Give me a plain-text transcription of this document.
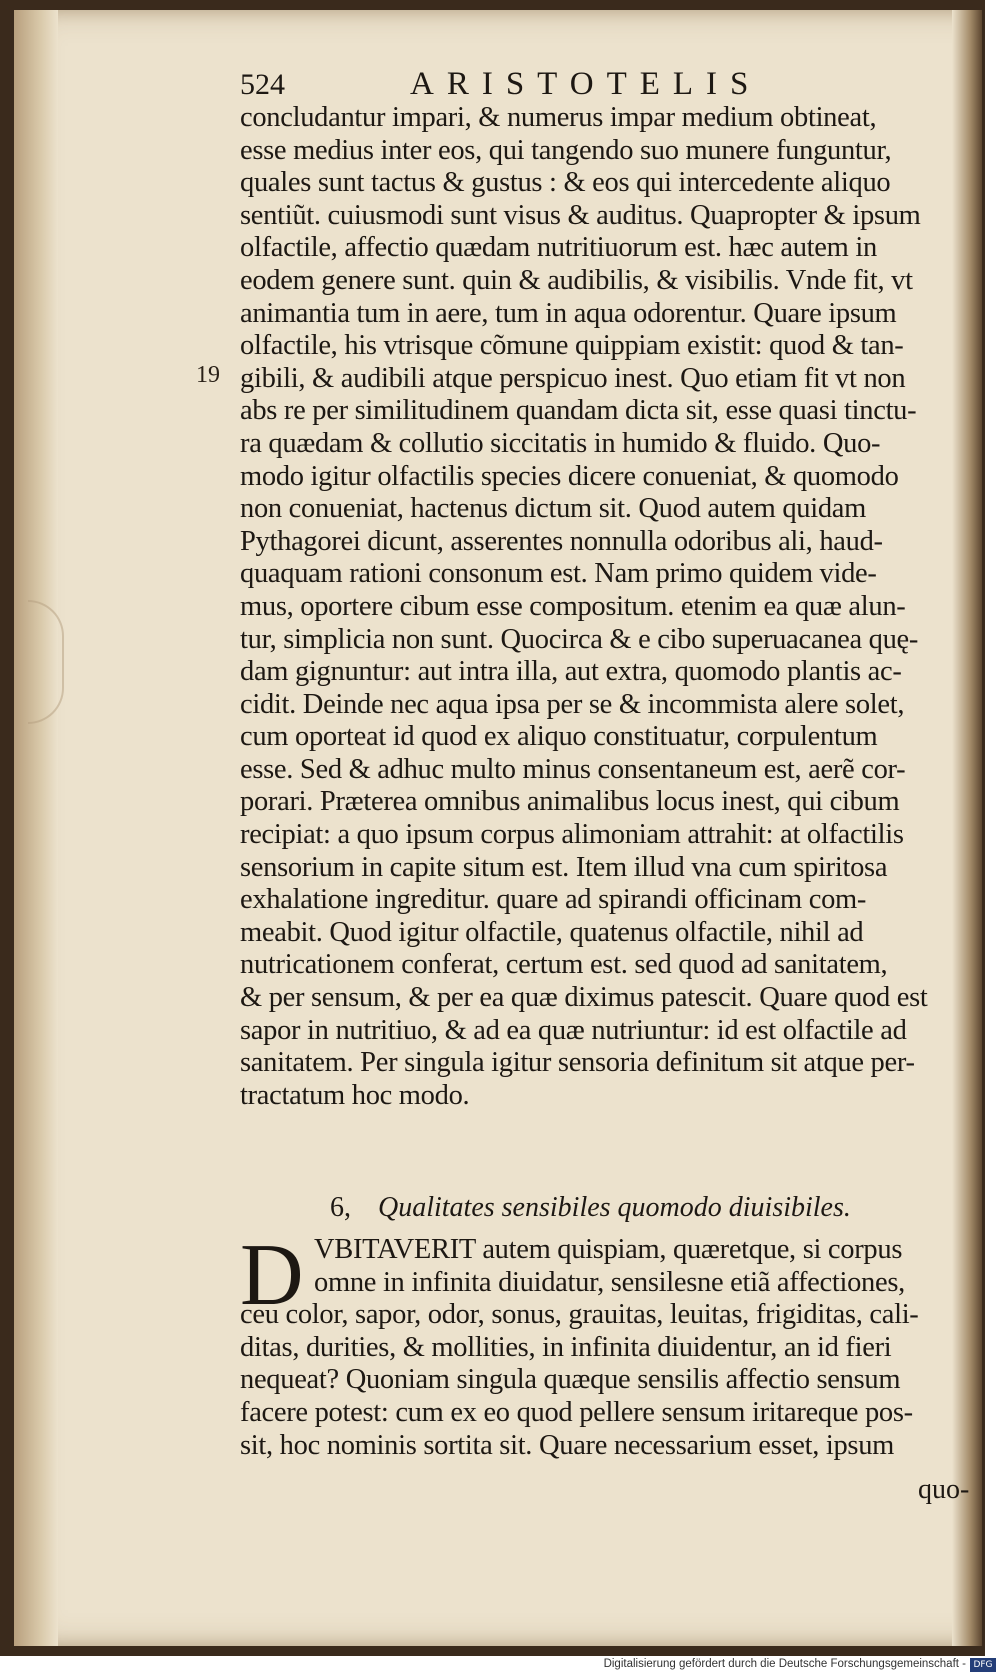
524	ARISTOTELIS
concludantur impari, & numerus impar medium obtineat,
esse medius inter eos, qui tangendo suo munere funguntur,
quales sunt tactus & gustus : & eos qui intercedente aliquo
sentiũt. cuiusmodi sunt visus & auditus. Quapropter & ipsum
olfactile, affectio quædam nutritiuorum est. hæc autem in
eodem genere sunt. quin & audibilis, & visibilis. Vnde fit, vt
animantia tum in aere, tum in aqua odorentur. Quare ipsum
olfactile, his vtrisque cõmune quippiam existit: quod & tan-
gibili, & audibili atque perspicuo inest. Quo etiam fit vt non
abs re per similitudinem quandam dicta sit, esse quasi tinctu-
ra quædam & collutio siccitatis in humido & fluido. Quo-
modo igitur olfactilis species dicere conueniat, & quomodo
non conueniat, hactenus dictum sit. Quod autem quidam
Pythagorei dicunt, asserentes nonnulla odoribus ali, haud-
quaquam rationi consonum est. Nam primo quidem vide-
mus, oportere cibum esse compositum. etenim ea quæ alun-
tur, simplicia non sunt. Quocirca & e cibo superuacanea quę-
dam gignuntur: aut intra illa, aut extra, quomodo plantis ac-
cidit. Deinde nec aqua ipsa per se & incommista alere solet,
cum oporteat id quod ex aliquo constituatur, corpulentum
esse. Sed & adhuc multo minus consentaneum est, aerẽ cor-
porari. Præterea omnibus animalibus locus inest, qui cibum
recipiat: a quo ipsum corpus alimoniam attrahit: at olfactilis
sensorium in capite situm est. Item illud vna cum spiritosa
exhalatione ingreditur. quare ad spirandi officinam com-
meabit. Quod igitur olfactile, quatenus olfactile, nihil ad
nutricationem conferat, certum est. sed quod ad sanitatem,
& per sensum, & per ea quæ diximus patescit. Quare quod est
sapor in nutritiuo, & ad ea quæ nutriuntur: id est olfactile ad
sanitatem. Per singula igitur sensoria definitum sit atque per-
tractatum hoc modo.
19
6, Qualitates sensibiles quomodo diuisibiles.
D VBITAVERIT autem quispiam, quæretque, si corpus
omne in infinita diuidatur, sensilesne etiã affectiones,
ceu color, sapor, odor, sonus, grauitas, leuitas, frigiditas, cali-
ditas, durities, & mollities, in infinita diuidentur, an id fieri
nequeat? Quoniam singula quæque sensilis affectio sensum
facere potest: cum ex eo quod pellere sensum iritareque pos-
sit, hoc nominis sortita sit. Quare necessarium esset, ipsum
quo-
Digitalisierung gefördert durch die Deutsche Forschungsgemeinschaft - DFG
